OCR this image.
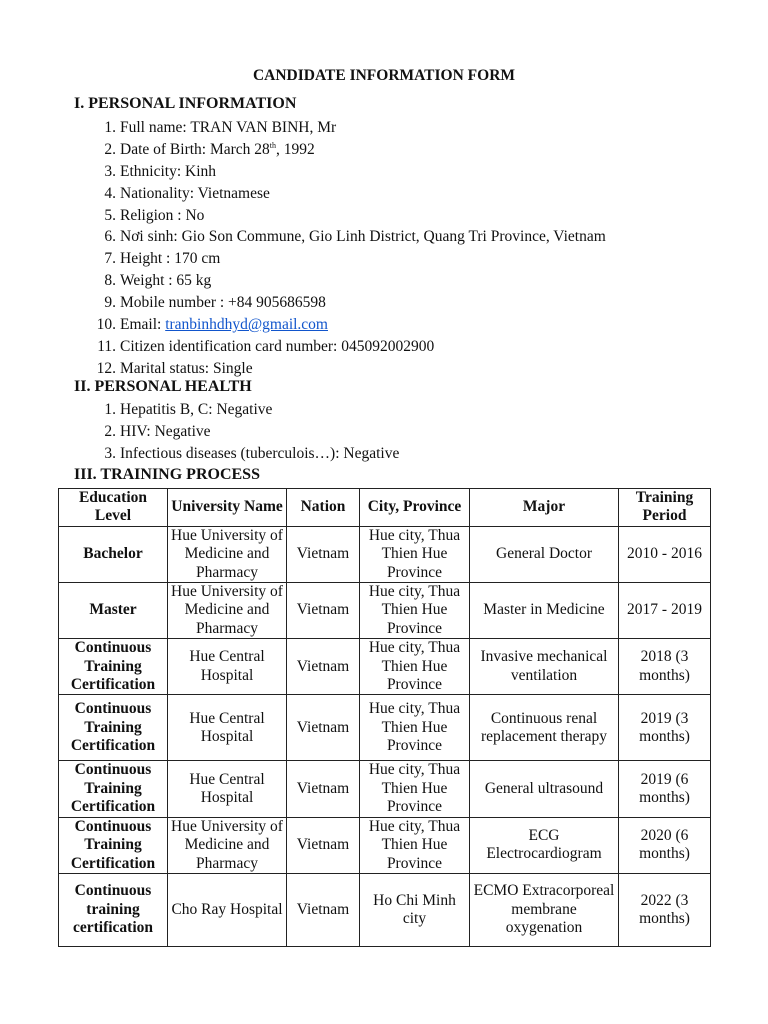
CANDIDATE INFORMATION FORM
I. PERSONAL INFORMATION
1. Full name: TRAN VAN BINH, Mr
2. Date of Birth: March 28th, 1992
3. Ethnicity: Kinh
4. Nationality: Vietnamese
5. Religion : No
6. Nơi sinh: Gio Son Commune, Gio Linh District, Quang Tri Province, Vietnam
7. Height : 170 cm
8. Weight : 65 kg
9. Mobile number : +84 905686598
10. Email: tranbinhdhyd@gmail.com
11. Citizen identification card number: 045092002900
12. Marital status: Single
II. PERSONAL HEALTH
1. Hepatitis B, C: Negative
2. HIV: Negative
3. Infectious diseases (tuberculois…): Negative
III. TRAINING PROCESS
Education Level	University Name	Nation	City, Province	Major	Training Period
Bachelor	Hue University of Medicine and Pharmacy	Vietnam	Hue city, Thua Thien Hue Province	General Doctor	2010 - 2016
Master	Hue University of Medicine and Pharmacy	Vietnam	Hue city, Thua Thien Hue Province	Master in Medicine	2017 - 2019
Continuous Training Certification	Hue Central Hospital	Vietnam	Hue city, Thua Thien Hue Province	Invasive mechanical ventilation	2018 (3 months)
Continuous Training Certification	Hue Central Hospital	Vietnam	Hue city, Thua Thien Hue Province	Continuous renal replacement therapy	2019 (3 months)
Continuous Training Certification	Hue Central Hospital	Vietnam	Hue city, Thua Thien Hue Province	General ultrasound	2019 (6 months)
Continuous Training Certification	Hue University of Medicine and Pharmacy	Vietnam	Hue city, Thua Thien Hue Province	ECG Electrocardiogram	2020 (6 months)
Continuous training certification	Cho Ray Hospital	Vietnam	Ho Chi Minh city	ECMO Extracorporeal membrane oxygenation	2022 (3 months)
